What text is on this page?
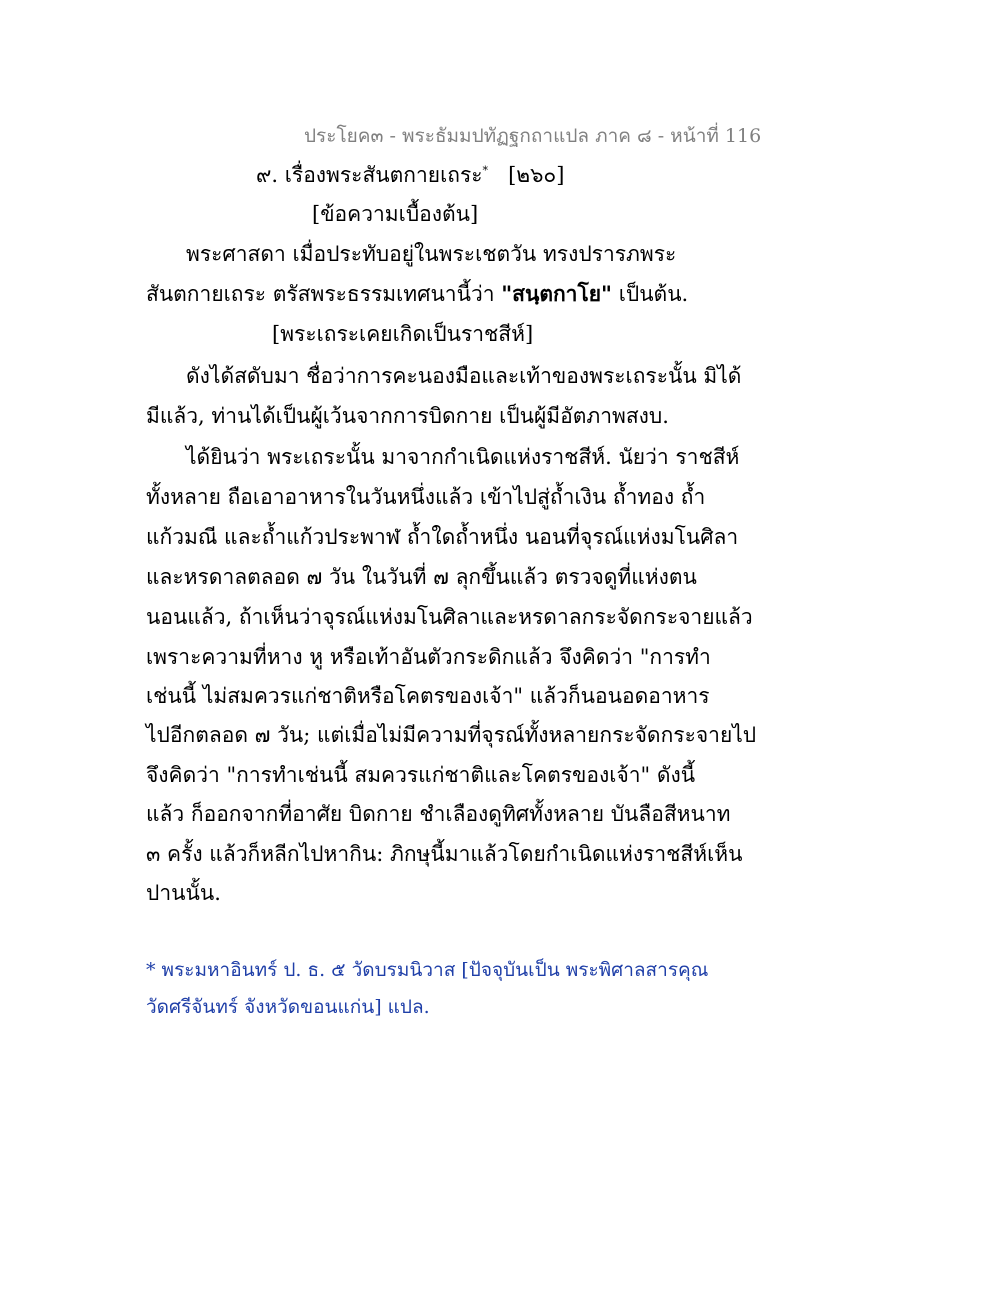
ประโยค๓ - พระธัมมปทัฏฐกถาแปล ภาค ๘ - หน้าที่ 116
๙. เรื่องพระสันตกายเถระ* [๒๖๐]
[ข้อความเบื้องต้น]
พระศาสดา เมื่อประทับอยู่ในพระเชตวัน ทรงปรารภพระ
สันตกายเถระ ตรัสพระธรรมเทศนานี้ว่า "สนฺตกาโย" เป็นต้น.
[พระเถระเคยเกิดเป็นราชสีห์]
ดังได้สดับมา ชื่อว่าการคะนองมือและเท้าของพระเถระนั้น มิได้
มีแล้ว, ท่านได้เป็นผู้เว้นจากการบิดกาย เป็นผู้มีอัตภาพสงบ.
ได้ยินว่า พระเถระนั้น มาจากกำเนิดแห่งราชสีห์. นัยว่า ราชสีห์
ทั้งหลาย ถือเอาอาหารในวันหนึ่งแล้ว เข้าไปสู่ถ้ำเงิน ถ้ำทอง ถ้ำ
แก้วมณี และถ้ำแก้วประพาฬ ถ้ำใดถ้ำหนึ่ง นอนที่จุรณ์แห่งมโนศิลา
และหรดาลตลอด ๗ วัน ในวันที่ ๗ ลุกขึ้นแล้ว ตรวจดูที่แห่งตน
นอนแล้ว, ถ้าเห็นว่าจุรณ์แห่งมโนศิลาและหรดาลกระจัดกระจายแล้ว
เพราะความที่หาง หู หรือเท้าอันตัวกระดิกแล้ว จึงคิดว่า "การทำ
เช่นนี้ ไม่สมควรแก่ชาติหรือโคตรของเจ้า" แล้วก็นอนอดอาหาร
ไปอีกตลอด ๗ วัน; แต่เมื่อไม่มีความที่จุรณ์ทั้งหลายกระจัดกระจายไป
จึงคิดว่า "การทำเช่นนี้ สมควรแก่ชาติและโคตรของเจ้า" ดังนี้
แล้ว ก็ออกจากที่อาศัย บิดกาย ชำเลืองดูทิศทั้งหลาย บันลือสีหนาท
๓ ครั้ง แล้วก็หลีกไปหากิน: ภิกษุนี้มาแล้วโดยกำเนิดแห่งราชสีห์เห็น
ปานนั้น.
* พระมหาอินทร์ ป. ธ. ๕ วัดบรมนิวาส [ปัจจุบันเป็น พระพิศาลสารคุณ
วัดศรีจันทร์ จังหวัดขอนแก่น] แปล.
